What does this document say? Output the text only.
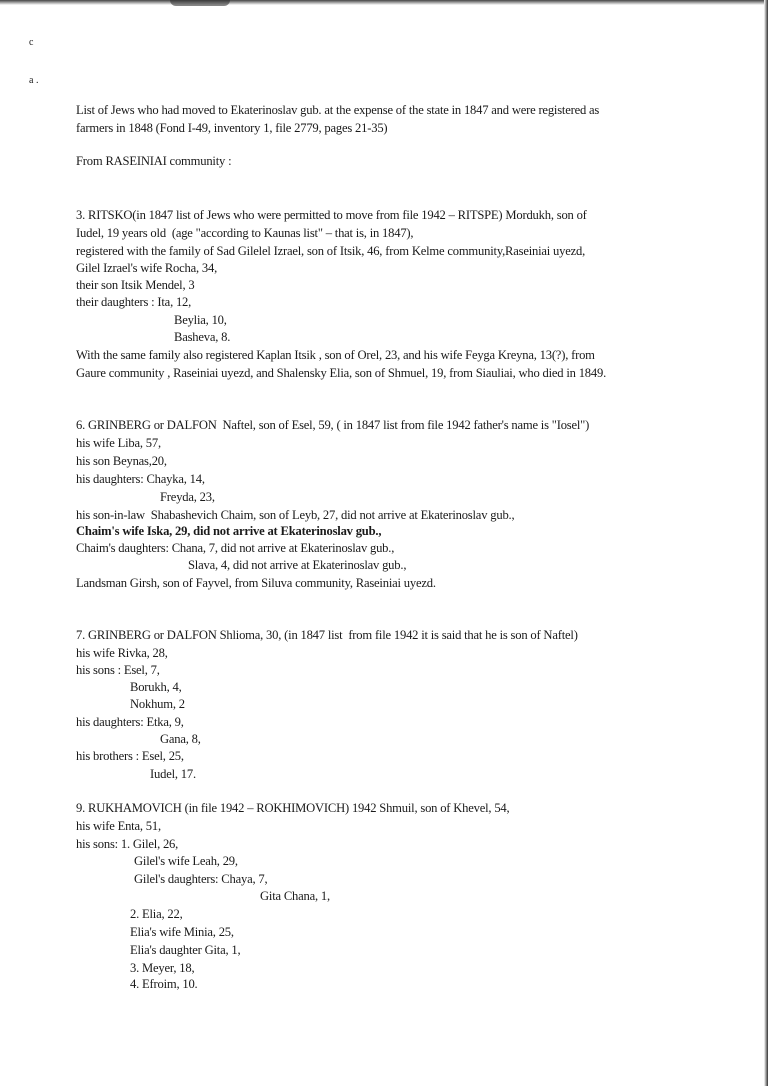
c
a .
List of Jews who had moved to Ekaterinoslav gub. at the expense of the state in 1847 and were registered as
farmers in 1848 (Fond I-49, inventory 1, file 2779, pages 21-35)
From RASEINIAI community :
3. RITSKO(in 1847 list of Jews who were permitted to move from file 1942 – RITSPE) Mordukh, son of
Iudel, 19 years old  (age "according to Kaunas list" – that is, in 1847),
registered with the family of Sad Gilelel Izrael, son of Itsik, 46, from Kelme community,Raseiniai uyezd,
Gilel Izrael's wife Rocha, 34,
their son Itsik Mendel, 3
their daughters : Ita, 12,
Beylia, 10,
Basheva, 8.
With the same family also registered Kaplan Itsik , son of Orel, 23, and his wife Feyga Kreyna, 13(?), from
Gaure community , Raseiniai uyezd, and Shalensky Elia, son of Shmuel, 19, from Siauliai, who died in 1849.
6. GRINBERG or DALFON  Naftel, son of Esel, 59, ( in 1847 list from file 1942 father's name is "Iosel")
his wife Liba, 57,
his son Beynas,20,
his daughters: Chayka, 14,
Freyda, 23,
his son-in-law  Shabashevich Chaim, son of Leyb, 27, did not arrive at Ekaterinoslav gub.,
Chaim's wife Iska, 29, did not arrive at Ekaterinoslav gub.,
Chaim's daughters: Chana, 7, did not arrive at Ekaterinoslav gub.,
Slava, 4, did not arrive at Ekaterinoslav gub.,
Landsman Girsh, son of Fayvel, from Siluva community, Raseiniai uyezd.
7. GRINBERG or DALFON Shlioma, 30, (in 1847 list  from file 1942 it is said that he is son of Naftel)
his wife Rivka, 28,
his sons : Esel, 7,
Borukh, 4,
Nokhum, 2
his daughters: Etka, 9,
Gana, 8,
his brothers : Esel, 25,
Iudel, 17.
9. RUKHAMOVICH (in file 1942 – ROKHIMOVICH) 1942 Shmuil, son of Khevel, 54,
his wife Enta, 51,
his sons: 1. Gilel, 26,
Gilel's wife Leah, 29,
Gilel's daughters: Chaya, 7,
Gita Chana, 1,
2. Elia, 22,
Elia's wife Minia, 25,
Elia's daughter Gita, 1,
3. Meyer, 18,
4. Efroim, 10.
